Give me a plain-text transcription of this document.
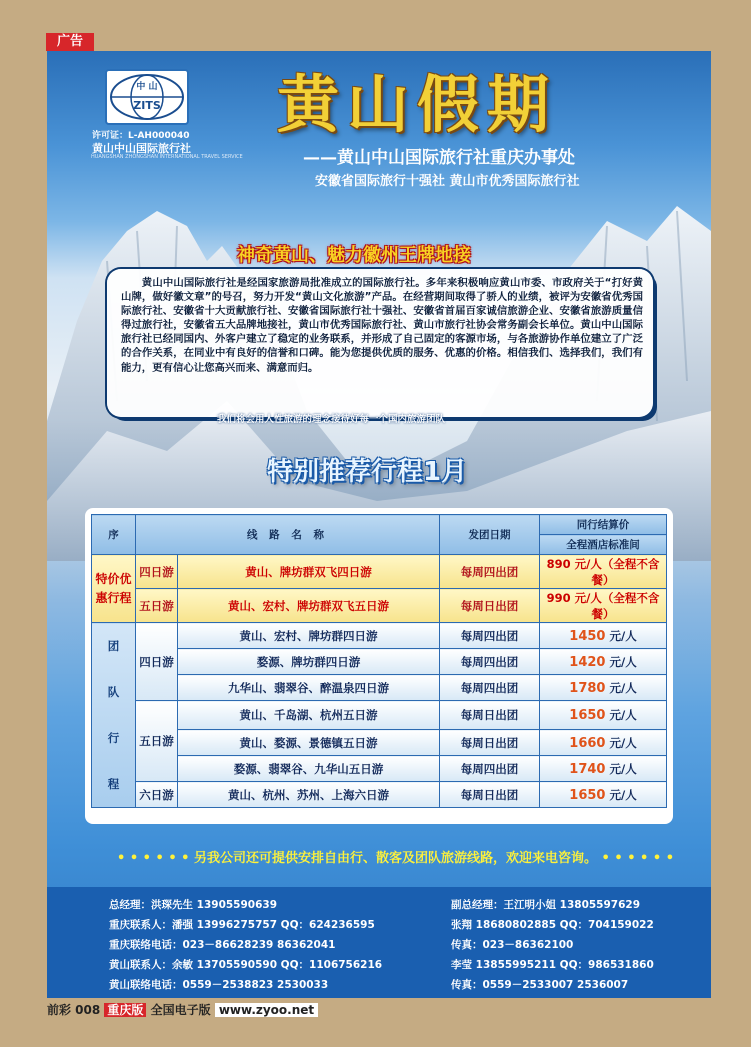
广告
中 山
ZITS
许可证：L-AH000040
黄山中山国际旅行社
HUANGSHAN ZHONGSHAN INTERNATIONAL TRAVEL SERVICE
黄山假期
——黄山中山国际旅行社重庆办事处
安徽省国际旅行十强社 黄山市优秀国际旅行社
神奇黄山、魅力徽州王牌地接
黄山中山国际旅行社是经国家旅游局批准成立的国际旅行社。多年来积极响应黄山市委、市政府关于“打好黄山牌，做好徽文章”的号召，努力开发“黄山文化旅游”产品。在经营期间取得了骄人的业绩，被评为安徽省优秀国际旅行社、安徽省十大贡献旅行社、安徽省国际旅行社十强社、安徽省首届百家诚信旅游企业、安徽省旅游质量信得过旅行社，安徽省五大品牌地接社，黄山市优秀国际旅行社、黄山市旅行社协会常务副会长单位。黄山中山国际旅行社已经同国内、外客户建立了稳定的业务联系，并形成了自己固定的客源市场，与各旅游协作单位建立了广泛的合作关系，在同业中有良好的信誉和口碑。能为您提供优质的服务、优惠的价格。相信我们、选择我们，我们有能力，更有信心让您高兴而来、满意而归。
我们将会用人性旅游的理念接待好每一个国内旅游团队
特别推荐行程1月
序	线 路 名 称		发团日期	同行结算价
				全程酒店标准间
特价优惠行程	四日游	黄山、牌坊群双飞四日游	每周四出团	890 元/人（全程不含餐）
	五日游	黄山、宏村、牌坊群双飞五日游	每周日出团	990 元/人（全程不含餐）
团
队
行
程	四日游	黄山、宏村、牌坊群四日游	每周四出团	1450 元/人
		婺源、牌坊群四日游	每周四出团	1420 元/人
		九华山、翡翠谷、醉温泉四日游	每周四出团	1780 元/人
	五日游	黄山、千岛湖、杭州五日游	每周日出团	1650 元/人
		黄山、婺源、景德镇五日游	每周日出团	1660 元/人
		婺源、翡翠谷、九华山五日游	每周四出团	1740 元/人
	六日游	黄山、杭州、苏州、上海六日游	每周日出团	1650 元/人
• • • • • • 另我公司还可提供安排自由行、散客及团队旅游线路，欢迎来电咨询。 • • • • • •
总经理：洪琛先生 13905590639
重庆联系人：潘强 13996275757 QQ：624236595
重庆联络电话：023－86628239 86362041
黄山联系人：余敏 13705590590 QQ：1106756216
黄山联络电话：0559－2538823 2530033
副总经理：王江明小姐 13805597629
张翔 18680802885 QQ：704159022
传真：023－86362100
李莹 13855995211 QQ：986531860
传真：0559－2533007 2536007
前彩 008 重庆版 全国电子版 www.zyoo.net
